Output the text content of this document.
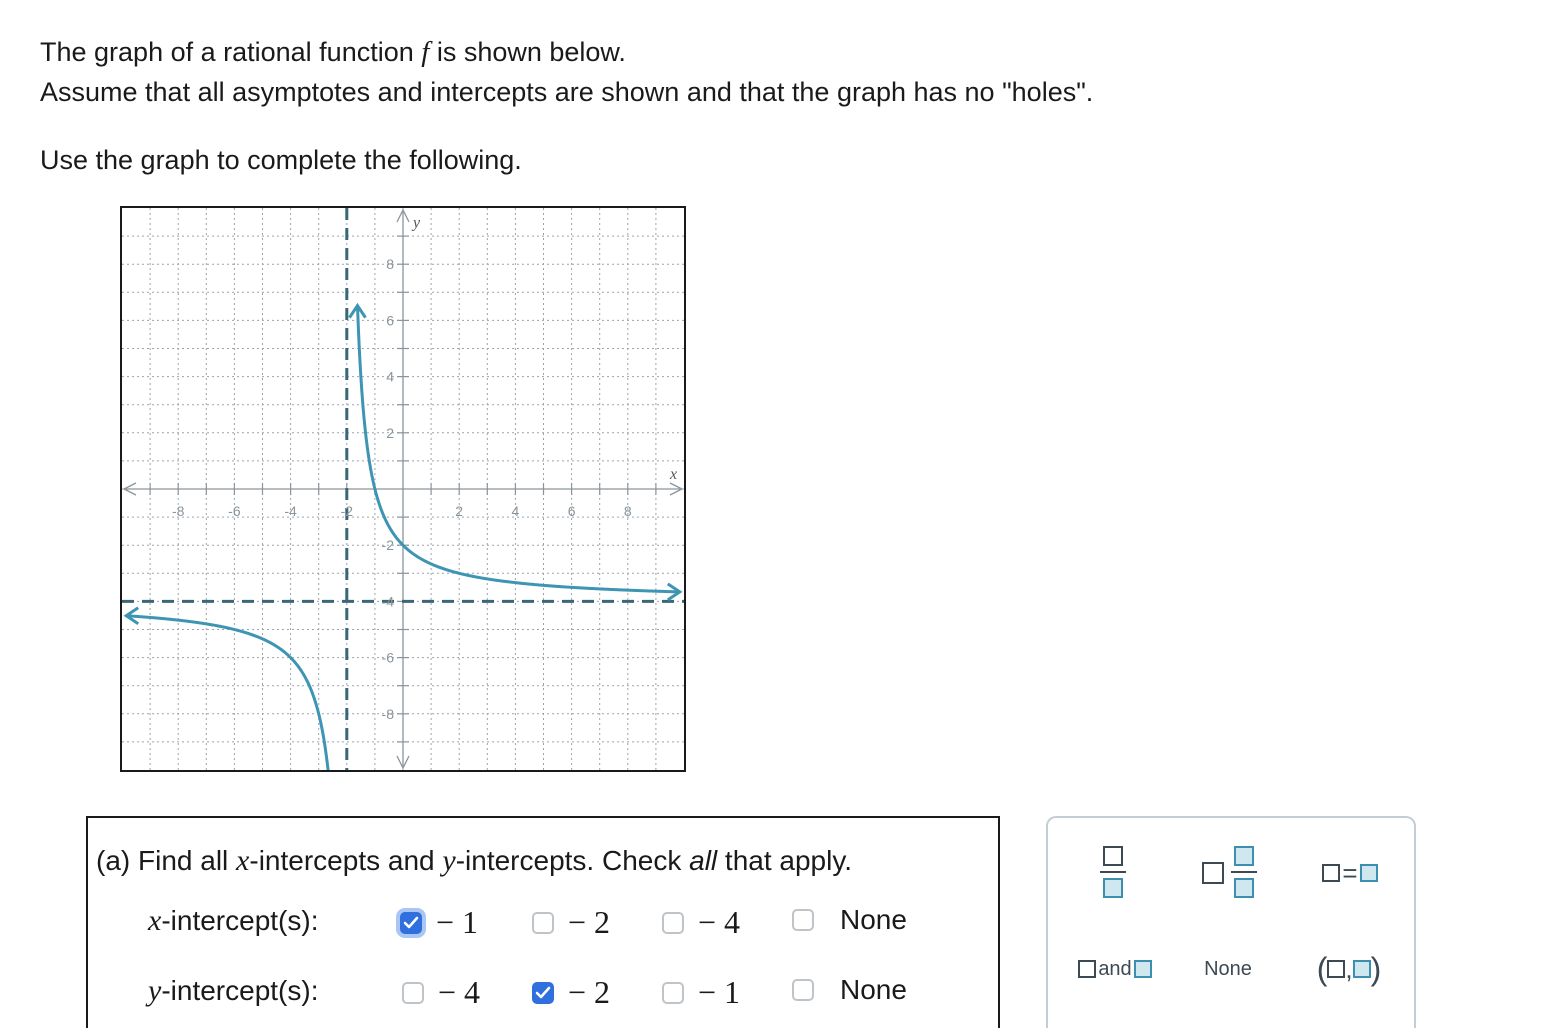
The graph of a rational function f is shown below.
Assume that all asymptotes and intercepts are shown and that the graph has no "holes".
Use the graph to complete the following.
x
y
-8	-6	-4	-2	2	4	6	8
8
6
4
2
-2
-4
-6
-8
(a) Find all x-intercepts and y-intercepts. Check all that apply.
x-intercept(s):	− 1	− 2	− 4	None
y-intercept(s):	− 4	− 2	− 1	None
=
and	None ( , )
